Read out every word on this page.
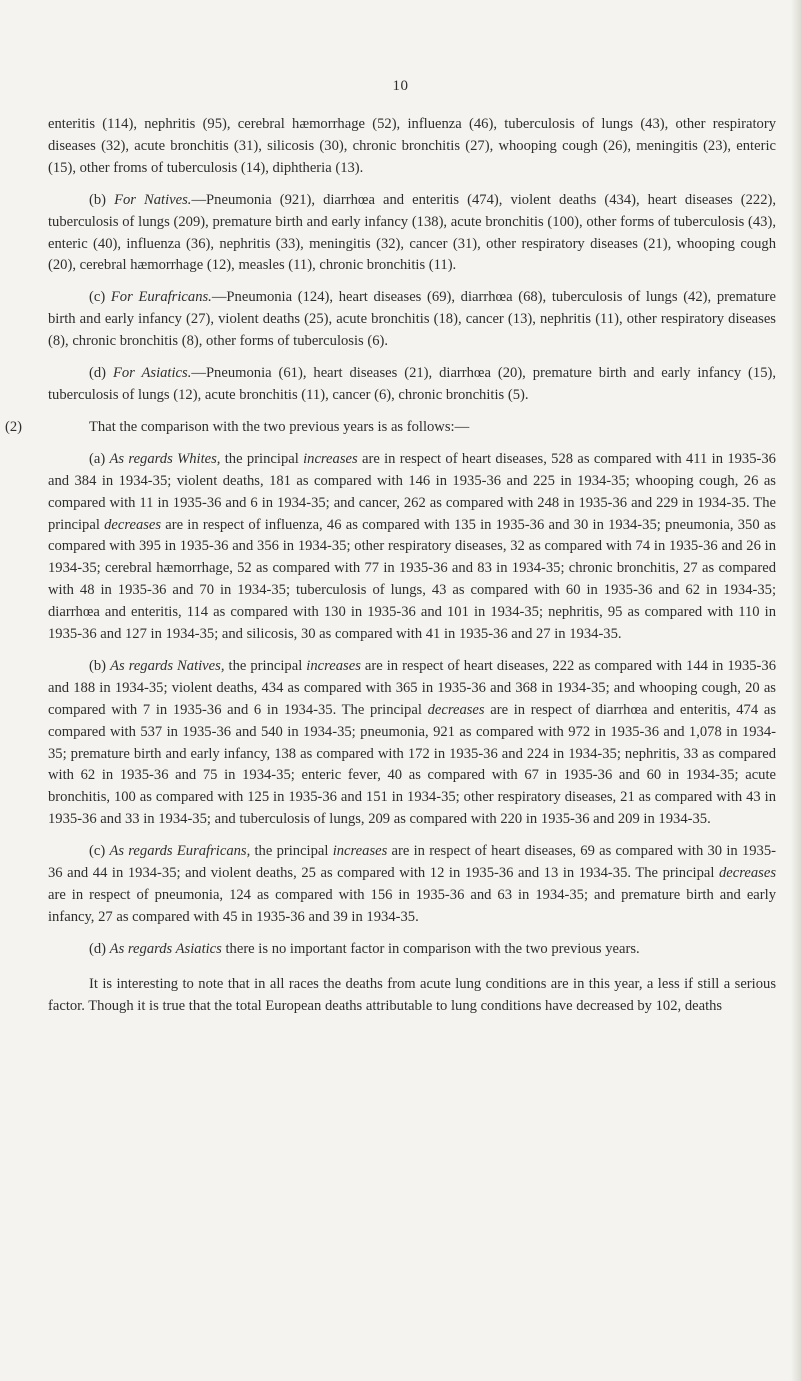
10

enteritis (114), nephritis (95), cerebral hæmorrhage (52), influenza (46), tuberculosis of lungs (43), other respiratory diseases (32), acute bronchitis (31), silicosis (30), chronic bronchitis (27), whooping cough (26), meningitis (23), enteric (15), other froms of tuberculosis (14), diphtheria (13).

(b) For Natives.—Pneumonia (921), diarrhœa and enteritis (474), violent deaths (434), heart diseases (222), tuberculosis of lungs (209), premature birth and early infancy (138), acute bronchitis (100), other forms of tuberculosis (43), enteric (40), influenza (36), nephritis (33), meningitis (32), cancer (31), other respiratory diseases (21), whooping cough (20), cerebral hæmorrhage (12), measles (11), chronic bronchitis (11).

(c) For Eurafricans.—Pneumonia (124), heart diseases (69), diarrhœa (68), tuberculosis of lungs (42), premature birth and early infancy (27), violent deaths (25), acute bronchitis (18), cancer (13), nephritis (11), other respiratory diseases (8), chronic bronchitis (8), other forms of tuberculosis (6).

(d) For Asiatics.—Pneumonia (61), heart diseases (21), diarrhœa (20), premature birth and early infancy (15), tuberculosis of lungs (12), acute bronchitis (11), cancer (6), chronic bronchitis (5).

(2)	That the comparison with the two previous years is as follows:—

(a) As regards Whites, the principal increases are in respect of heart diseases, 528 as compared with 411 in 1935-36 and 384 in 1934-35; violent deaths, 181 as compared with 146 in 1935-36 and 225 in 1934-35; whooping cough, 26 as compared with 11 in 1935-36 and 6 in 1934-35; and cancer, 262 as compared with 248 in 1935-36 and 229 in 1934-35. The principal decreases are in respect of influenza, 46 as compared with 135 in 1935-36 and 30 in 1934-35; pneumonia, 350 as compared with 395 in 1935-36 and 356 in 1934-35; other respiratory diseases, 32 as compared with 74 in 1935-36 and 26 in 1934-35; cerebral hæmorrhage, 52 as compared with 77 in 1935-36 and 83 in 1934-35; chronic bronchitis, 27 as compared with 48 in 1935-36 and 70 in 1934-35; tuberculosis of lungs, 43 as compared with 60 in 1935-36 and 62 in 1934-35; diarrhœa and enteritis, 114 as compared with 130 in 1935-36 and 101 in 1934-35; nephritis, 95 as compared with 110 in 1935-36 and 127 in 1934-35; and silicosis, 30 as compared with 41 in 1935-36 and 27 in 1934-35.

(b) As regards Natives, the principal increases are in respect of heart diseases, 222 as compared with 144 in 1935-36 and 188 in 1934-35; violent deaths, 434 as compared with 365 in 1935-36 and 368 in 1934-35; and whooping cough, 20 as compared with 7 in 1935-36 and 6 in 1934-35. The principal decreases are in respect of diarrhœa and enteritis, 474 as compared with 537 in 1935-36 and 540 in 1934-35; pneumonia, 921 as compared with 972 in 1935-36 and 1,078 in 1934-35; premature birth and early infancy, 138 as compared with 172 in 1935-36 and 224 in 1934-35; nephritis, 33 as compared with 62 in 1935-36 and 75 in 1934-35; enteric fever, 40 as compared with 67 in 1935-36 and 60 in 1934-35; acute bronchitis, 100 as compared with 125 in 1935-36 and 151 in 1934-35; other respiratory diseases, 21 as compared with 43 in 1935-36 and 33 in 1934-35; and tuberculosis of lungs, 209 as compared with 220 in 1935-36 and 209 in 1934-35.

(c) As regards Eurafricans, the principal increases are in respect of heart diseases, 69 as compared with 30 in 1935-36 and 44 in 1934-35; and violent deaths, 25 as compared with 12 in 1935-36 and 13 in 1934-35. The principal decreases are in respect of pneumonia, 124 as compared with 156 in 1935-36 and 63 in 1934-35; and premature birth and early infancy, 27 as compared with 45 in 1935-36 and 39 in 1934-35.

(d) As regards Asiatics there is no important factor in comparison with the two previous years.

It is interesting to note that in all races the deaths from acute lung conditions are in this year, a less if still a serious factor. Though it is true that the total European deaths attributable to lung conditions have decreased by 102, deaths
